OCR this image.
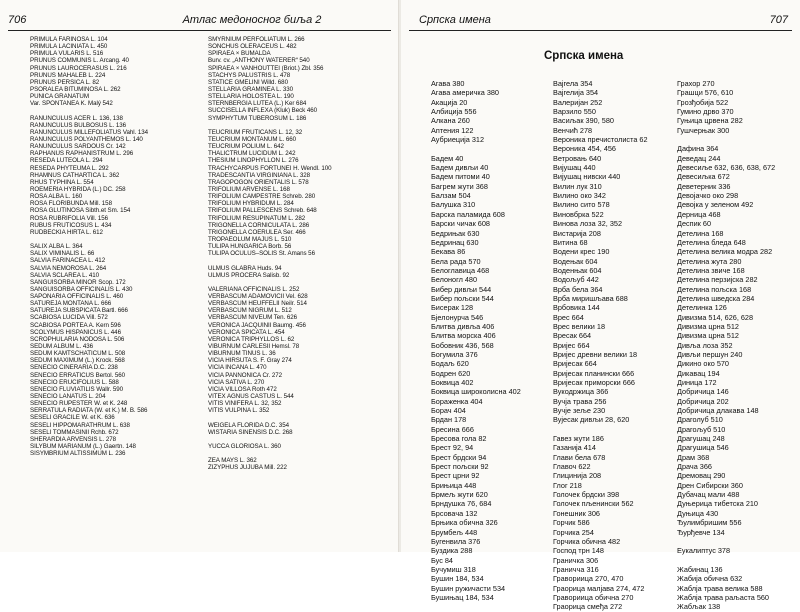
706	Атлас медоносног биља 2
PRIMULA FARINOSA L. 104
PRIMULA LACINIATA L. 450
PRIMULA VULARIS L. 516
PRUNUS COMMUNIS L. Arcang. 40
PRUNUS LAUROCERASUS L. 216
PRUNUS MAHALEB L. 224
PRUNUS PERSICA L. 82
PSORALEA BITUMINOSA L. 262
PUNICA GRANATUM
Var. SPONTANEA K. Malý 542
RANUNCULUS ACER L. 136, 138
RANUNCULUS BULBOSUS L. 136
RANUNCULUS MILLEFOLIATUS Vahl. 134
RANUNCULUS POLYANTHEMOS L. 140
RANUNCULUS SARDOUS Cr. 142
RAPHANUS RAPHANISTRUM L. 296
RESEDA LUTEOLA L. 294
RESEDA PHYTEUMA L. 292
RHAMNUS CATHARTICA L. 362
RHUS TYPHINA L. 554
ROEMERIA HYBRIDA (L.) DC. 258
ROSA ALBA L. 160
ROSA FLORIBUNDA Mill. 158
ROSA GLUTINOSA Sibth.et Sm. 154
ROSA RUBRIFOLIA Vill. 156
RUBUS FRUTICOSUS L. 434
RUDBECKIA HIRTA L. 612
SALIX ALBA L. 364
SALIX VIMINALIS L. 66
SALVIA FARINACEA L. 412
SALVIA NEMOROSA L. 264
SALVIA SCLAREA L. 410
SANGUISORBA MINOR Scop. 172
SANGUISORBA OFFICINALIS L. 430
SAPONARIA OFFICINALIS L. 460
SATUREJA MONTANA L. 666
SATUREJA SUBSPICATA Bartl. 666
SCABIOSA LUCIDA Vill. 572
SCABIOSA PORTEA A. Kern 596
SCOLYMUS HISPANICUS L. 446
SCROPHULARIA NODOSA L. 506
SEDUM ALBUM L. 436
SEDUM KAMTSCHATICUM L. 508
SEDUM MAXIMUM (L.) Krock. 568
SENECIO CINERARIA D.C. 238
SENECIO ERRATICUS Bertol. 560
SENECIO ERUCIFOLIUS L. 588
SENECIO FLUVIATILIS Wallr. 590
SENECIO LANATUS L. 204
SENECIO RUPESTER W. et K. 248
SERRATULA RADIATA (W. et K.) M. B. 586
SESELI GRACILE W. et K. 636
SESELI HIPPOMARATHRUM L. 638
SESELI TOMMASINII Rchb. 672
SHERARDIA ARVENSIS L. 278
SILYBUM MARIANUM (L.) Gaertn. 148
SISYMBRIUM ALTISSIMUM L. 236
SMYRNIUM PERFOLIATUM L. 266
SONCHUS OLERACEUS L. 482
SPIRAEA × BUMALDA
Burv. cv. „ANTHONY WATERER“ 540
SPIRAEA × VANHOUTTEI (Briot.) Zbl. 356
STACHYS PALUSTRIS L. 478
STATICE GMELINI Willd. 680
STELLARIA GRAMINEA L. 330
STELLARIA HOLOSTEA L. 190
STERNBERGIA LUTEA (L.) Ker 684
SUCCISELLA INFLEXA (Kluk) Beck 460
SYMPHYTUM TUBEROSUM L. 186
TEUCRIUM FRUTICANS L. 12, 32
TEUCRIUM MONTANUM L. 660
TEUCRIUM POLIUM L. 642
THALICTRUM LUCIDUM L. 242
THESIUM LINOPHYLLON L. 276
TRACHYCARPUS FORTUNEI H. Wendl. 100
TRADESCANTIA VIRGINIANA L. 328
TRAGOPOGON ORIENTALIS L. 578
TRIFOLIUM ARVENSE L. 168
TRIFOLIUM CAMPESTRE Schreb. 280
TRIFOLIUM HYBRIDUM L. 284
TRIFOLIUM PALLESCENS Schreb. 648
TRIFOLIUM RESUPINATUM L. 282
TRIGONELLA CORNICULATA L. 286
TRIGONELLA COERULEA Ser. 466
TROPAEOLUM MAJUS L. 510
TULIPA HUNGARICA Borb. 56
TULIPA OCULUS–SOLIS St. Amans 56
ULMUS GLABRA Huds. 94
ULMUS PROCERA Salisb. 92
VALERIANA OFFICINALIS L. 252
VERBASCUM ADAMOVICII Vel. 628
VERBASCUM HEUFFELII Neilr. 514
VERBASCUM NIGRUM L. 512
VERBASCUM NIVEUM Ten. 626
VERONICA JACQUINII Baumg. 456
VERONICA SPICATA L. 454
VERONICA TRIPHYLLOS L. 62
VIBURNUM CARLESII Hemsl. 78
VIBURNUM TINUS L. 36
VICIA HIRSUTA S. F. Gray 274
VICIA INCANA L. 470
VICIA PANNONICA Cr. 272
VICIA SATIVA L. 270
VICIA VILLOSA Roth 472
VITEX AGNUS CASTUS L. 544
VITIS VINIFERA L. 32, 352
VITIS VULPINA L. 352
WEIGELA FLORIDA D.C. 354
WISTARIA SINENSIS D.C. 268
YUCCA GLORIOSA L. 360
ZEA MAYS L. 362
ZIZYPHUS JUJUBA Mill. 222
Српска имена	707
Српска имена
Агава 380
Агава америчка 380
Акација 20
Албиција 556
Алкана 260
Аптения 122
Аубриеција 312
Бадем 40
Бадем дивљи 40
Бадем питоми 40
Багрем жути 368
Балзам 504
Балушка 310
Барска паламида 608
Барски чичак 608
Бедрињак 630
Бедринац 630
Бекава 86
Бела рада 570
Белоглавица 468
Белоногл 480
Бибер дивљи 544
Бибер пољски 544
Бисерак 128
Бјелонурча 546
Блитва дивља 406
Блитва морска 406
Бобовник 436, 568
Богумила 376
Бодаљ 620
Бодрен 620
Боквица 402
Боквица широколисна 402
Бораженка 404
Борач 404
Брдан 178
Бресина 666
Бресова гола 82
Брест 92, 94
Брест брдски 94
Брест пољски 92
Брест црни 92
Брињица 448
Брмељ жути 620
Брндушка 76, 684
Брсовача 132
Брњика обична 326
Брумбељ 448
Бугенвила 376
Буздика 288
Бус 84
Бучумиш 318
Бушин 184, 534
Бушин ружичасти 534
Бушињац 184, 534
Вајгела 354
Вајгелија 354
Валеријан 252
Варзило 550
Васиљак 390, 580
Венчић 278
Вероника пречистолиста 62
Вероника 454, 456
Ветровањ 640
Вијушац 440
Вијушац нивски 440
Вилин лук 310
Вилино око 342
Вилино сито 578
Виновбрка 522
Винова лоза 32, 352
Вистарија 208
Витина 68
Водени крес 190
Водењак 604
Воденњак 604
Водољуб 442
Врба бела 364
Врба миришљава 688
Врбовика 144
Врес 664
Врес велики 18
Вресак 664
Вријес 664
Вријес древни велики 18
Вријесак 664
Вријесак планински 666
Вријесак приморски 666
Вукодржица 366
Вучја трава 256
Вучје зеље 230
Вујесак дивљи 28, 620
Гавез жути 186
Газанија 414
Глави бела 678
Главоч 622
Глицинија 208
Глог 218
Голочек брдски 398
Голочек пљенински 562
Гонешник 306
Горчик 586
Горчика 254
Горчика обична 482
Господ трн 148
Граничка 306
Граничча 316
Гравориица 270, 470
Граорица малјава 274, 472
Гравориица обична 270
Граорица смеђа 272
Грахор 270
Грашци 576, 610
Грозђобија 522
Гумино дрво 370
Гуњица црвена 282
Гушчерњак 300
Дафина 364
Деведац 244
Девесиље 632, 636, 638, 672
Девесиљка 672
Деветерник 336
Девојачко око 298
Девојка у зеленом 492
Дерница 468
Деспик 60
Детелина 168
Детелина бледа 648
Детелина велика модра 282
Детелина жута 280
Детелина звиче 168
Детелина перзијска 282
Детелина пољска 168
Детелина шведска 284
Детелинка 126
Дивизма 514, 626, 628
Дивизма црна 512
Дивизма црна 512
Дивља лоза 352
Дивљи першун 240
Дикино око 570
Дикавац 194
Диница 172
Добричица 146
Добричица 202
Добричица длакава 148
Драголуб 510
Драгољуб 510
Драгушац 248
Драгушица 546
Драм 368
Драча 366
Дремовац 290
Дрен Сибирски 360
Дубачац мали 488
Дуњерица тибетска 210
Дуњица 430
Ђулимбришим 556
Ђурђевче 134
Еукалиптус 378
Жабинац 136
Жабија обична 632
Жаблја трава велика 588
Жаблја трава раљаста 560
Жабљак 138
